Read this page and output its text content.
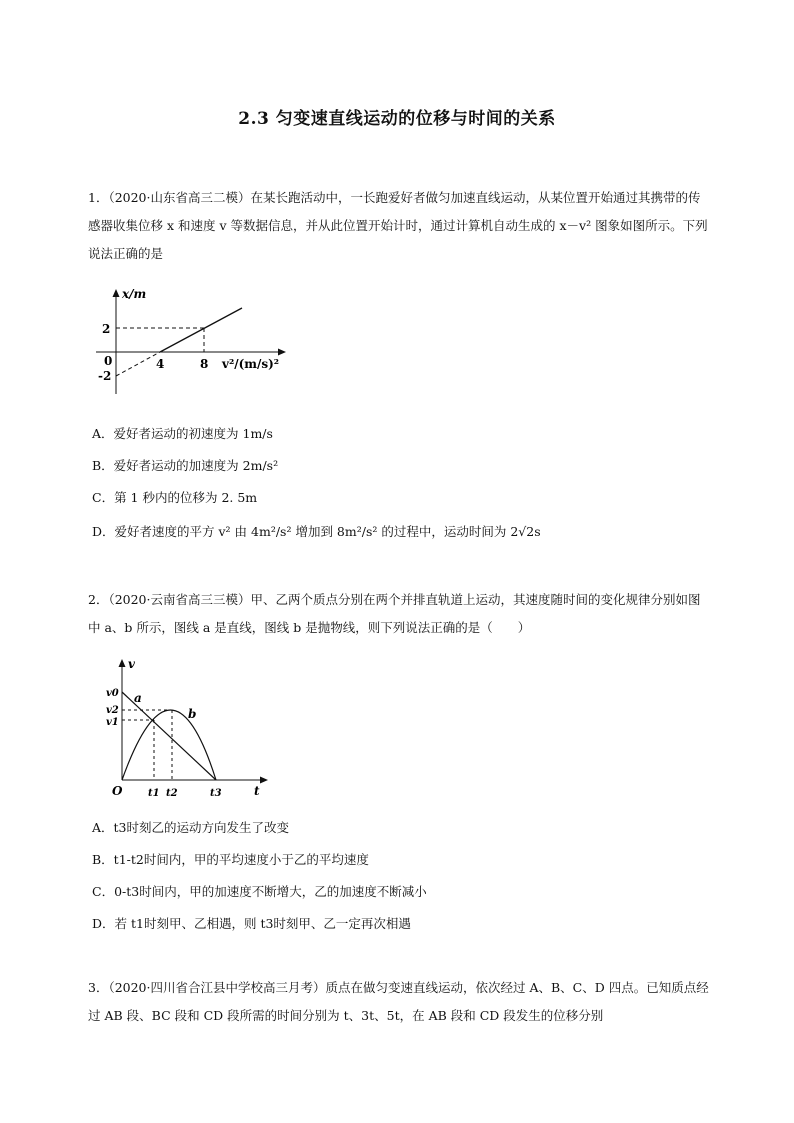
2.3 匀变速直线运动的位移与时间的关系
1．（2020·山东省高三二模）在某长跑活动中，一长跑爱好者做匀加速直线运动，从某位置开始通过其携带的传感器收集位移 x 和速度 v 等数据信息，并从此位置开始计时，通过计算机自动生成的 x－v² 图象如图所示。下列说法正确的是
x/m
2
0
-2
4	8 v²/(m/s)²
A．爱好者运动的初速度为 1m/s
B．爱好者运动的加速度为 2m/s²
C．第 1 秒内的位移为 2. 5m
D．爱好者速度的平方 v² 由 4m²/s² 增加到 8m²/s² 的过程中，运动时间为 2√2s
2．（2020·云南省高三三模）甲、乙两个质点分别在两个并排直轨道上运动，其速度随时间的变化规律分别如图中 a、b 所示，图线 a 是直线，图线 b 是抛物线，则下列说法正确的是（　　）
v
v0
v2
v1
a
b
O	t1 t2	t3	t
A．t3时刻乙的运动方向发生了改变
B．t1-t2时间内，甲的平均速度小于乙的平均速度
C．0-t3时间内，甲的加速度不断增大，乙的加速度不断减小
D．若 t1时刻甲、乙相遇，则 t3时刻甲、乙一定再次相遇
3．（2020·四川省合江县中学校高三月考）质点在做匀变速直线运动，依次经过 A、B、C、D 四点。已知质点经过 AB 段、BC 段和 CD 段所需的时间分别为 t、3t、5t，在 AB 段和 CD 段发生的位移分别
